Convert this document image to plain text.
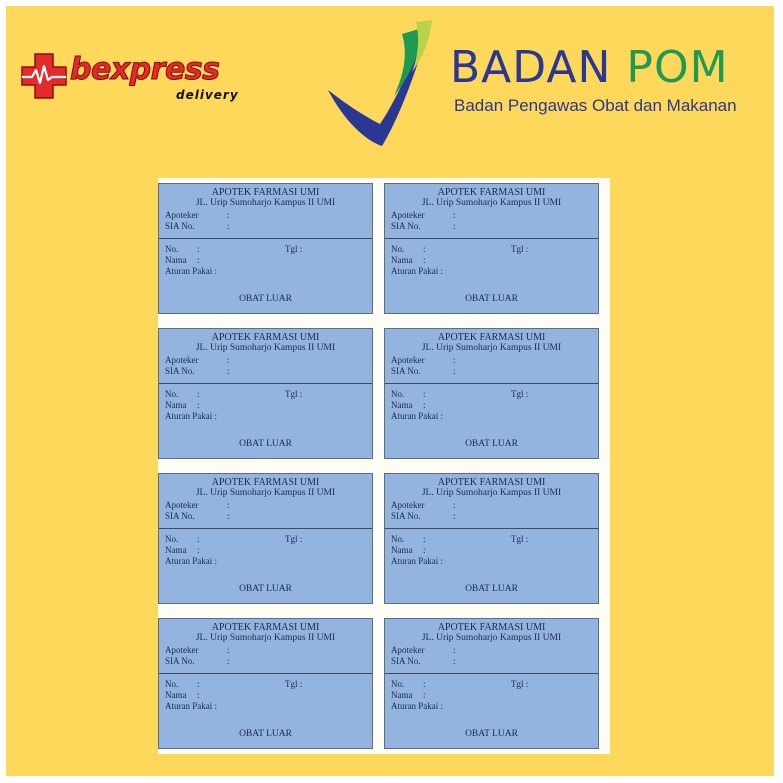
bexpress
delivery
BADAN POM
Badan Pengawas Obat dan Makanan
APOTEK FARMASI UMI
JL. Urip Sumoharjo Kampus II UMI
Apoteker	:
SIA No.	:
No. :	Tgl :
Nama :
Aturan Pakai :
OBAT LUAR
APOTEK FARMASI UMI
JL. Urip Sumoharjo Kampus II UMI
Apoteker	:
SIA No.	:
No. :	Tgl :
Nama :
Aturan Pakai :
OBAT LUAR
APOTEK FARMASI UMI
JL. Urip Sumoharjo Kampus II UMI
Apoteker	:
SIA No.	:
No. :	Tgl :
Nama :
Aturan Pakai :
OBAT LUAR
APOTEK FARMASI UMI
JL. Urip Sumoharjo Kampus II UMI
Apoteker	:
SIA No.	:
No. :	Tgl :
Nama :
Aturan Pakai :
OBAT LUAR
APOTEK FARMASI UMI
JL. Urip Sumoharjo Kampus II UMI
Apoteker	:
SIA No.	:
No. :	Tgl :
Nama :
Aturan Pakai :
OBAT LUAR
APOTEK FARMASI UMI
JL. Urip Sumoharjo Kampus II UMI
Apoteker	:
SIA No.	:
No. :	Tgl :
Nama :
Aturan Pakai :
OBAT LUAR
APOTEK FARMASI UMI
JL. Urip Sumoharjo Kampus II UMI
Apoteker	:
SIA No.	:
No. :	Tgl :
Nama :
Aturan Pakai :
OBAT LUAR
APOTEK FARMASI UMI
JL. Urip Sumoharjo Kampus II UMI
Apoteker	:
SIA No.	:
No. :	Tgl :
Nama :
Aturan Pakai :
OBAT LUAR
